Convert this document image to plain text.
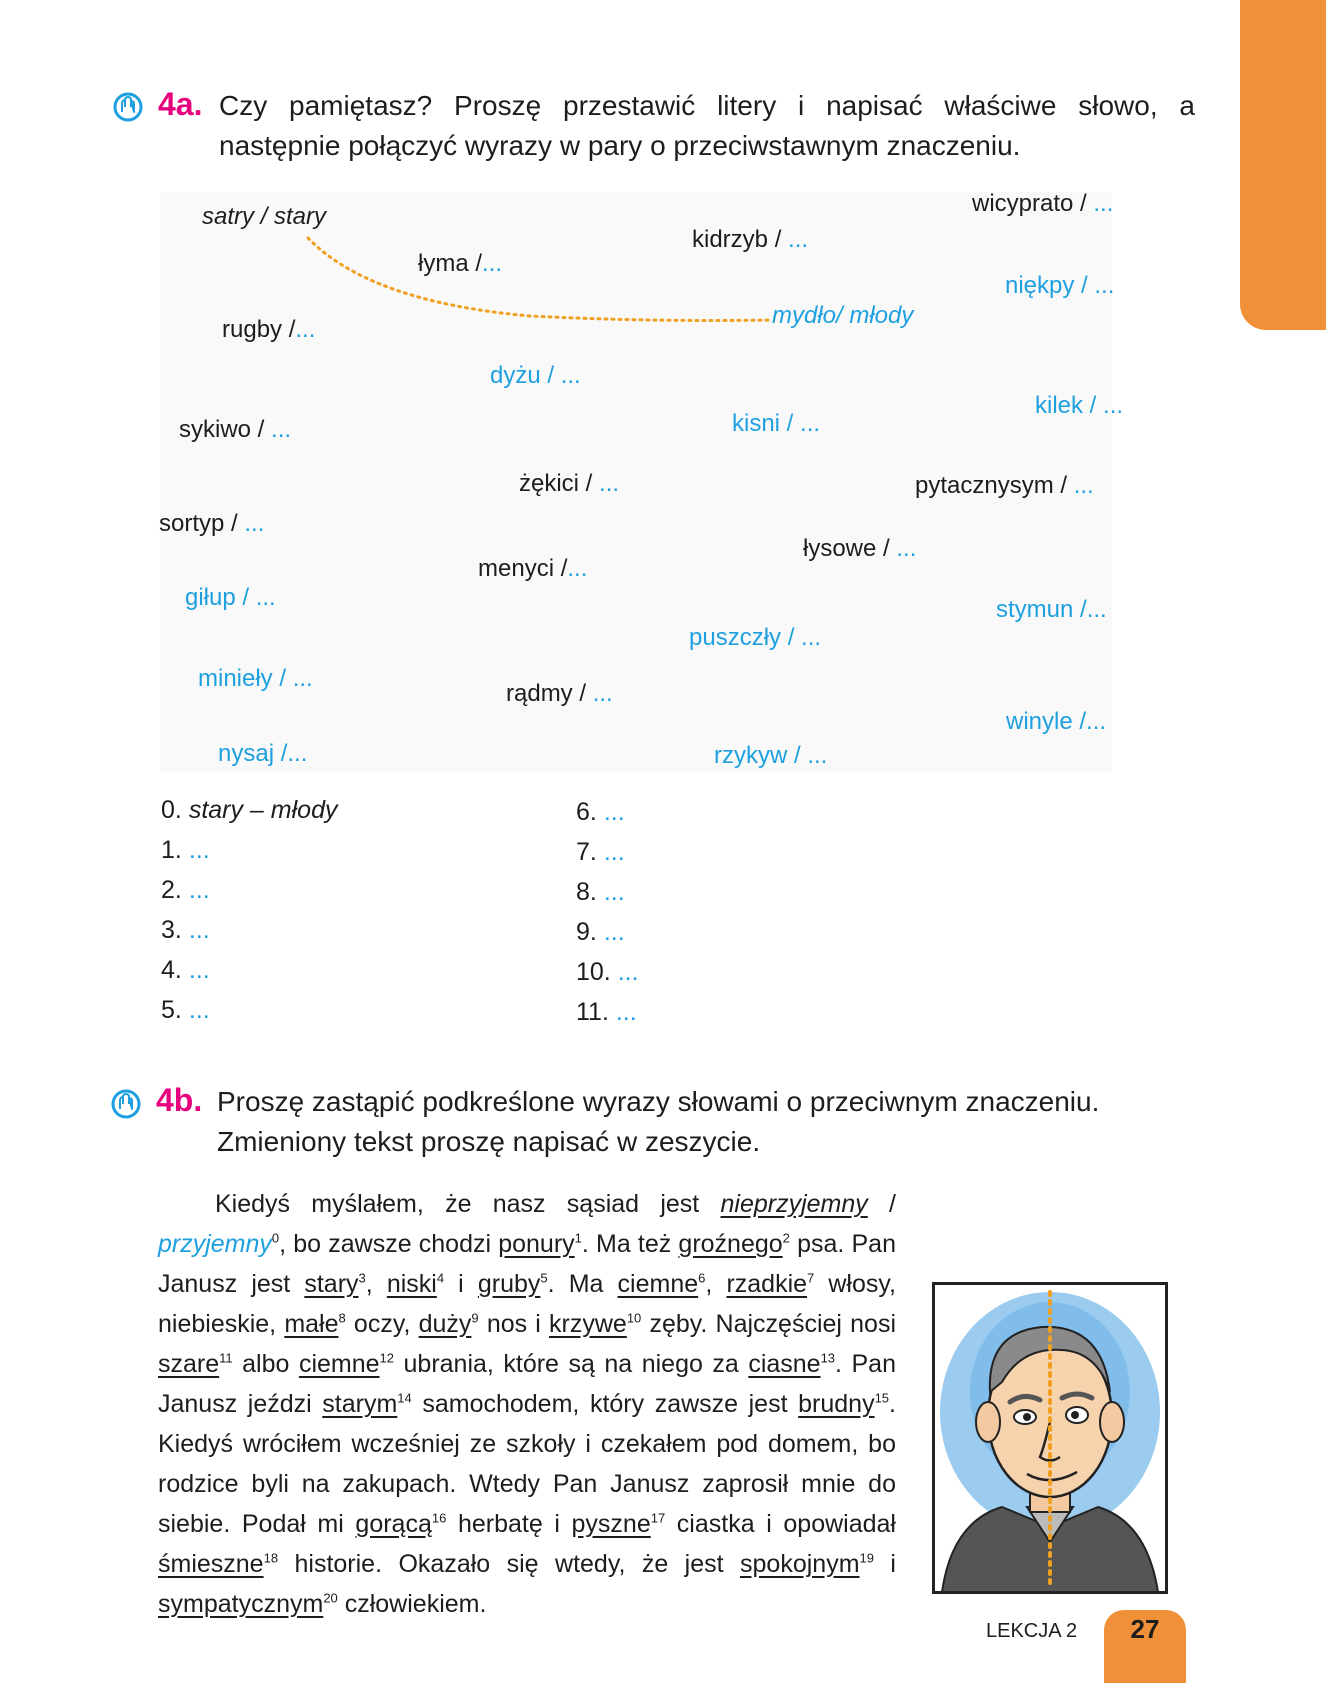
4a. Czy pamiętasz? Proszę przestawić litery i napisać właściwe słowo, a następnie połączyć wyrazy w pary o przeciwstawnym znaczeniu.
satry / stary
mydło/ młody
łyma /...
kidrzyb / ...
wicyprato / ...
niękpy / ...
rugby /...
dyżu / ...
kilek / ...
sykiwo / ...	kisni / ...
żękici / ...	pytacznysym / ...
sortyp / ...
łysowe / ...
menyci /...
giłup / ...	stymun /...
puszczły / ...
minieły / ...
rądmy / ...
winyle /...
nysaj /...	rzykyw / ...
0. stary – młody
1. ...
2. ...
3. ...
4. ...
5. ...
6. ...
7. ...
8. ...
9. ...
10. ...
11. ...
4b. Proszę zastąpić podkreślone wyrazy słowami o przeciwnym znaczeniu. Zmieniony tekst proszę napisać w zeszycie.

Kiedyś myślałem, że nasz sąsiad jest nieprzyjemny / przyjemny$^0$, bo zawsze chodzi ponury$^1$. Ma też groźnego$^2$ psa. Pan Janusz jest stary$^3$, niski$^4$ i gruby$^5$. Ma ciemne$^6$, rzadkie$^7$ włosy, niebieskie, małe$^8$ oczy, duży$^9$ nos i krzywe$^{10}$ zęby. Najczęściej nosi szare$^{11}$ albo ciemne$^{12}$ ubrania, które są na niego za ciasne$^{13}$. Pan Janusz jeździ starym$^{14}$ samochodem, który zawsze jest brudny$^{15}$. Kiedyś wróciłem wcześniej ze szkoły i czekałem pod domem, bo rodzice byli na zakupach. Wtedy Pan Janusz zaprosił mnie do siebie. Podał mi gorącą$^{16}$ herbatę i pyszne$^{17}$ ciastka i opowiadał śmieszne$^{18}$ historie. Okazało się wtedy, że jest spokojnym$^{19}$ i sympatycznym$^{20}$ człowiekiem.

LEKCJA 2	27
